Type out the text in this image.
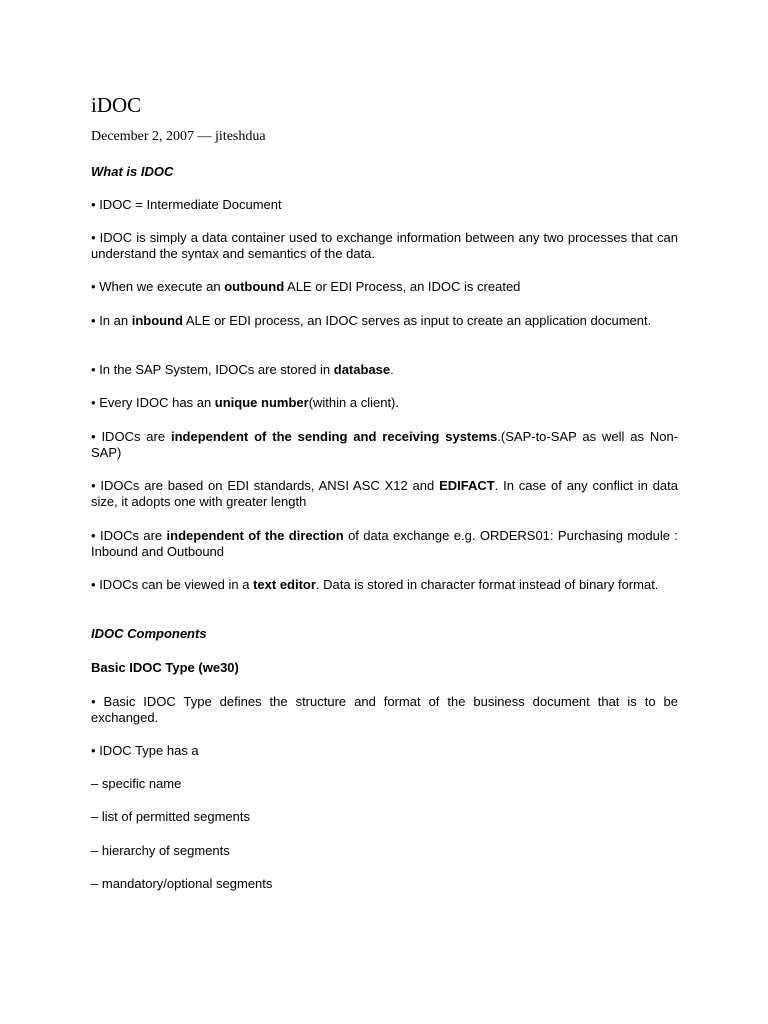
iDOC
December 2, 2007 — jiteshdua

What is IDOC

• IDOC = Intermediate Document

• IDOC is simply a data container used to exchange information between any two processes that can understand the syntax and semantics of the data.

• When we execute an outbound ALE or EDI Process, an IDOC is created

• In an inbound ALE or EDI process, an IDOC serves as input to create an application document.

• In the SAP System, IDOCs are stored in database.

• Every IDOC has an unique number(within a client).

• IDOCs are independent of the sending and receiving systems.(SAP-to-SAP as well as Non-SAP)

• IDOCs are based on EDI standards, ANSI ASC X12 and EDIFACT. In case of any conflict in data size, it adopts one with greater length

• IDOCs are independent of the direction of data exchange e.g. ORDERS01: Purchasing module : Inbound and Outbound

• IDOCs can be viewed in a text editor. Data is stored in character format instead of binary format.

IDOC Components

Basic IDOC Type (we30)

• Basic IDOC Type defines the structure and format of the business document that is to be exchanged.

• IDOC Type has a

– specific name

– list of permitted segments

– hierarchy of segments

– mandatory/optional segments
